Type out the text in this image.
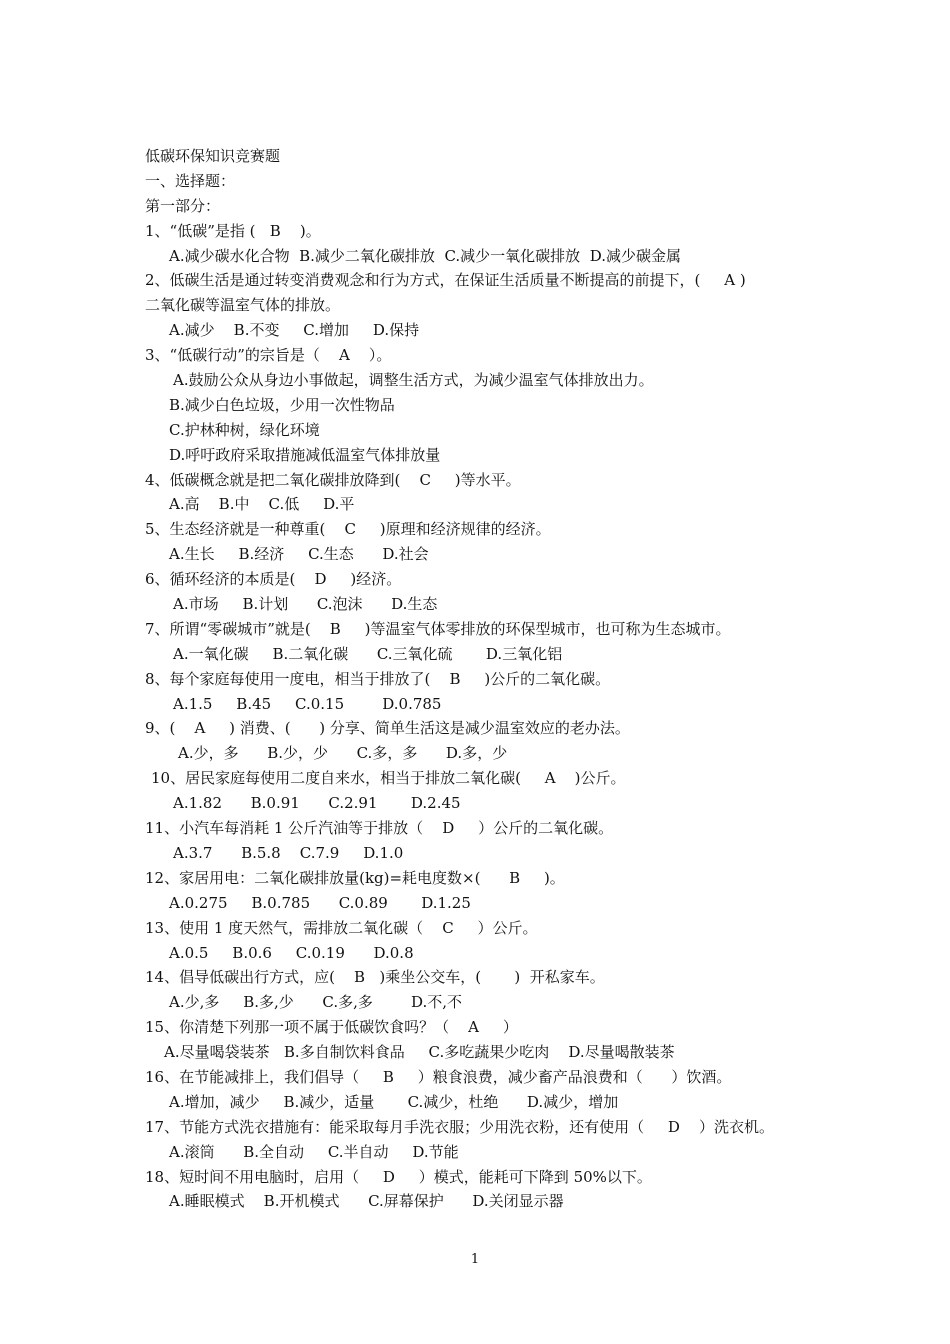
低碳环保知识竞赛题
一、选择题：
第一部分：
1、“低碳”是指 (   B    )。
A.减少碳水化合物  B.减少二氧化碳排放  C.减少一氧化碳排放  D.减少碳金属
2、低碳生活是通过转变消费观念和行为方式，在保证生活质量不断提高的前提下，(     A )
二氧化碳等温室气体的排放。
A.减少    B.不变     C.增加     D.保持
3、“低碳行动”的宗旨是（    A    ）。
A.鼓励公众从身边小事做起，调整生活方式，为减少温室气体排放出力。
B.减少白色垃圾，少用一次性物品
C.护林种树，绿化环境
D.呼吁政府采取措施减低温室气体排放量
4、低碳概念就是把二氧化碳排放降到(    C     )等水平。
A.高    B.中    C.低     D.平
5、生态经济就是一种尊重(    C     )原理和经济规律的经济。
A.生长     B.经济     C.生态      D.社会
6、循环经济的本质是(    D     )经济。
A.市场     B.计划      C.泡沫      D.生态
7、所谓“零碳城市”就是(    B     )等温室气体零排放的环保型城市，也可称为生态城市。
A.一氧化碳     B.二氧化碳      C.三氧化硫       D.三氧化铝
8、每个家庭每使用一度电，相当于排放了(    B     )公斤的二氧化碳。
A.1.5     B.45     C.0.15        D.0.785
9、(    A     ) 消费、(      ) 分享、简单生活这是减少温室效应的老办法。
A.少，多      B.少，少      C.多，多      D.多，少
10、居民家庭每使用二度自来水，相当于排放二氧化碳(     A    )公斤。
A.1.82      B.0.91      C.2.91       D.2.45
11、小汽车每消耗 1 公斤汽油等于排放（    D     ）公斤的二氧化碳。
A.3.7      B.5.8    C.7.9     D.1.0
12、家居用电：二氧化碳排放量(kg)=耗电度数×(      B     )。
A.0.275     B.0.785      C.0.89       D.1.25
13、使用 1 度天然气，需排放二氧化碳（    C     ）公斤。
A.0.5     B.0.6     C.0.19      D.0.8
14、倡导低碳出行方式，应(    B   )乘坐公交车，(       )  开私家车。
A.少,多     B.多,少      C.多,多        D.不,不
15、你清楚下列那一项不属于低碳饮食吗？（    A     ）
A.尽量喝袋装茶   B.多自制饮料食品     C.多吃蔬果少吃肉    D.尽量喝散装茶
16、在节能减排上，我们倡导（     B     ）粮食浪费，减少畜产品浪费和（      ）饮酒。
A.增加，减少     B.减少，适量       C.减少，杜绝      D.减少，增加
17、节能方式洗衣措施有：能采取每月手洗衣服；少用洗衣粉，还有使用（     D    ）洗衣机。
A.滚筒      B.全自动     C.半自动     D.节能
18、短时间不用电脑时，启用（     D     ）模式，能耗可下降到 50%以下。
A.睡眠模式    B.开机模式      C.屏幕保护      D.关闭显示器
1
